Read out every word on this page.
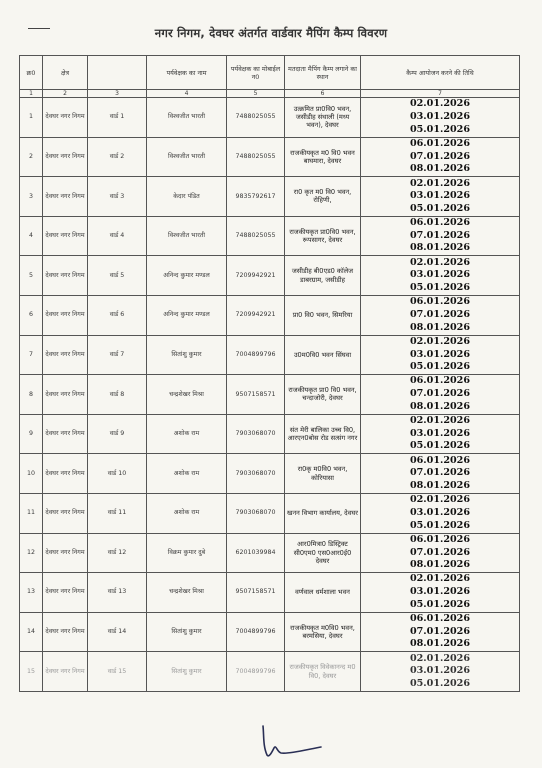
नगर निगम, देवघर अंतर्गत वार्डवार मैपिंग कैम्प विवरण
क्र0	क्षेत्र		पर्यवेक्षक का नाम	पर्यवेक्षक का मोबाईल न0	मतदाता मैपिंग कैम्प लगाने का स्थान	कैम्प आयोजन करने की तिथि
1	2	3	4	5	6	7
1	देवघर नगर निगम	वार्ड 1	विश्वजीत भारती	7488025055	उत्क्रमित प्रा0वि0 भवन, जसीडीह संथाली (मध्य भवन), देवघर	02.01.2026
03.01.2026
05.01.2026

2	देवघर नगर निगम	वार्ड 2	विश्वजीत भारती	7488025055	राजकीयकृत म0 वि0 भवन बाघमारा, देवघर	06.01.2026
07.01.2026
08.01.2026

3	देवघर नगर निगम	वार्ड 3	केदार पंडित	9835792617	रा0 कृत म0 वि0 भवन, रोहिणी,	02.01.2026
03.01.2026
05.01.2026

4	देवघर नगर निगम	वार्ड 4	विश्वजीत भारती	7488025055	राजकीयकृत प्रा0वि0 भवन, रूपसागर, देवघर	06.01.2026
07.01.2026
08.01.2026

5	देवघर नगर निगम	वार्ड 5	अनिन्द कुमार मण्डल	7209942921	जसीडीह बी0एड0 कॉलेज डाबरग्राम, जसीडीह	02.01.2026
03.01.2026
05.01.2026

6	देवघर नगर निगम	वार्ड 6	अनिन्द कुमार मण्डल	7209942921	प्रा0 वि0 भवन, सिमरिया	06.01.2026
07.01.2026
08.01.2026

7	देवघर नगर निगम	वार्ड 7	सितांशु कुमार	7004899796	उ0म0वि0 भवन सिंघवा	02.01.2026
03.01.2026
05.01.2026

8	देवघर नगर निगम	वार्ड 8	चन्द्रशेखर मिश्रा	9507158571	राजकीयकृत प्रा0 वि0 भवन, चन्दाजोरी, देवघर	06.01.2026
07.01.2026
08.01.2026

9	देवघर नगर निगम	वार्ड 9	अशोक राम	7903068070	संत मेरी बालिका उच्च वि0, आरएन0बोस रोड सत्संग नगर	02.01.2026
03.01.2026
05.01.2026

10	देवघर नगर निगम	वार्ड 10	अशोक राम	7903068070	रा0कृ म0वि0 भवन, कोरियासा	06.01.2026
07.01.2026
08.01.2026

11	देवघर नगर निगम	वार्ड 11	अशोक राम	7903068070	खनन विभाग कार्यालय, देवघर	02.01.2026
03.01.2026
05.01.2026

12	देवघर नगर निगम	वार्ड 12	विक्रम कुमार दुबे	6201039984	आर0मित्रा0 डिस्ट्रिक्ट सी0एम0 एस0आर0ई0 देवघर	06.01.2026
07.01.2026
08.01.2026

13	देवघर नगर निगम	वार्ड 13	चन्द्रशेखर मिश्रा	9507158571	वर्णवाल धर्मशाला भवन	02.01.2026
03.01.2026
05.01.2026

14	देवघर नगर निगम	वार्ड 14	सितांशु कुमार	7004899796	राजकीयकृत म0वि0 भवन, बरमसिया, देवघर	06.01.2026
07.01.2026
08.01.2026

15	देवघर नगर निगम	वार्ड 15	सितांशु कुमार	7004899796	राजकीयकृत विवेकानन्द म0 वि0, देवघर	02.01.2026
03.01.2026
05.01.2026
